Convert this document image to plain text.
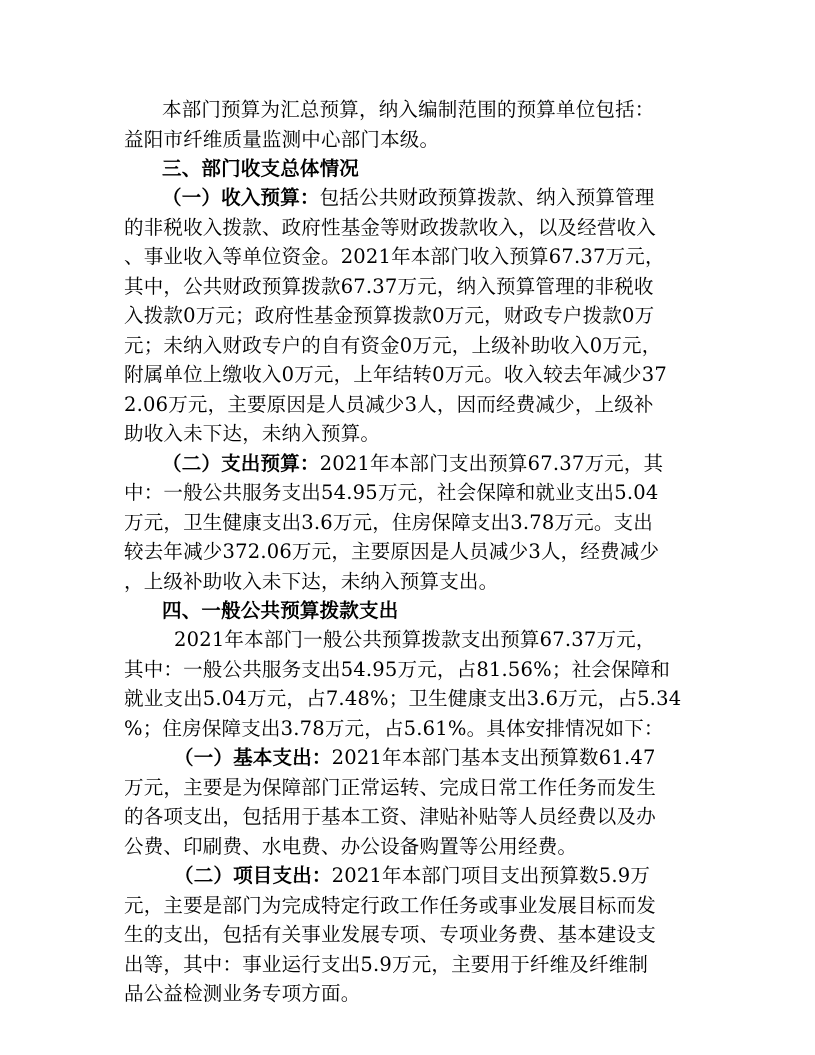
本部门预算为汇总预算，纳入编制范围的预算单位包括：
益阳市纤维质量监测中心部门本级。
三、部门收支总体情况
（一）收入预算：包括公共财政预算拨款、纳入预算管理
的非税收入拨款、政府性基金等财政拨款收入，以及经营收入
、事业收入等单位资金。2021年本部门收入预算67.37万元，
其中，公共财政预算拨款67.37万元，纳入预算管理的非税收
入拨款0万元；政府性基金预算拨款0万元，财政专户拨款0万
元；未纳入财政专户的自有资金0万元，上级补助收入0万元，
附属单位上缴收入0万元，上年结转0万元。收入较去年减少37
2.06万元，主要原因是人员减少3人，因而经费减少，上级补
助收入未下达，未纳入预算。
（二）支出预算：2021年本部门支出预算67.37万元，其
中：一般公共服务支出54.95万元，社会保障和就业支出5.04
万元，卫生健康支出3.6万元，住房保障支出3.78万元。支出
较去年减少372.06万元，主要原因是人员减少3人，经费减少
，上级补助收入未下达，未纳入预算支出。
四、一般公共预算拨款支出
2021年本部门一般公共预算拨款支出预算67.37万元，
其中：一般公共服务支出54.95万元，占81.56%；社会保障和
就业支出5.04万元，占7.48%；卫生健康支出3.6万元，占5.34
%；住房保障支出3.78万元，占5.61%。具体安排情况如下：
（一）基本支出：2021年本部门基本支出预算数61.47
万元，主要是为保障部门正常运转、完成日常工作任务而发生
的各项支出，包括用于基本工资、津贴补贴等人员经费以及办
公费、印刷费、水电费、办公设备购置等公用经费。
（二）项目支出：2021年本部门项目支出预算数5.9万
元，主要是部门为完成特定行政工作任务或事业发展目标而发
生的支出，包括有关事业发展专项、专项业务费、基本建设支
出等，其中：事业运行支出5.9万元，主要用于纤维及纤维制
品公益检测业务专项方面。
